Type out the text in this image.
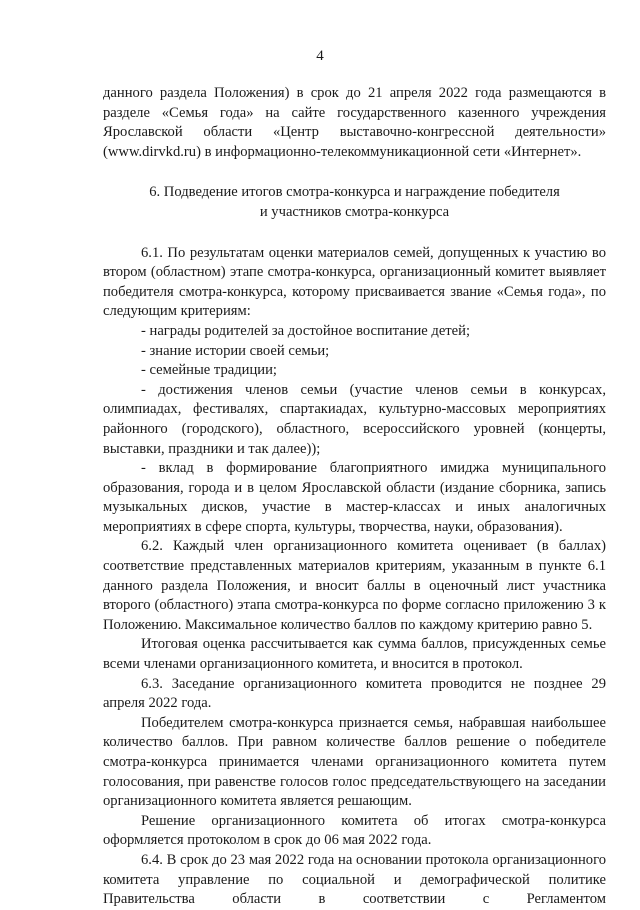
4

данного раздела Положения) в срок до 21 апреля 2022 года размещаются в разделе «Семья года» на сайте государственного казенного учреждения Ярославской области «Центр выставочно-конгрессной деятельности» (www.dirvkd.ru) в информационно-телекоммуникационной сети «Интернет».

6. Подведение итогов смотра-конкурса и награждение победителя
и участников смотра-конкурса

6.1. По результатам оценки материалов семей, допущенных к участию во втором (областном) этапе смотра-конкурса, организационный комитет выявляет победителя смотра-конкурса, которому присваивается звание «Семья года», по следующим критериям:

- награды родителей за достойное воспитание детей;

- знание истории своей семьи;

- семейные традиции;

- достижения членов семьи (участие членов семьи в конкурсах, олимпиадах, фестивалях, спартакиадах, культурно-массовых мероприятиях районного (городского), областного, всероссийского уровней (концерты, выставки, праздники и так далее));

- вклад в формирование благоприятного имиджа муниципального образования, города и в целом Ярославской области (издание сборника, запись музыкальных дисков, участие в мастер-классах и иных аналогичных мероприятиях в сфере спорта, культуры, творчества, науки, образования).

6.2. Каждый член организационного комитета оценивает (в баллах) соответствие представленных материалов критериям, указанным в пункте 6.1 данного раздела Положения, и вносит баллы в оценочный лист участника второго (областного) этапа смотра-конкурса по форме согласно приложению 3 к Положению. Максимальное количество баллов по каждому критерию равно 5.

Итоговая оценка рассчитывается как сумма баллов, присужденных семье всеми членами организационного комитета, и вносится в протокол.

6.3. Заседание организационного комитета проводится не позднее 29 апреля 2022 года.

Победителем смотра-конкурса признается семья, набравшая наибольшее количество баллов. При равном количестве баллов решение о победителе смотра-конкурса принимается членами организационного комитета путем голосования, при равенстве голосов голос председательствующего на заседании организационного комитета является решающим.

Решение организационного комитета об итогах смотра-конкурса оформляется протоколом в срок до 06 мая 2022 года.

6.4. В срок до 23 мая 2022 года на основании протокола организационного комитета управление по социальной и демографической политике Правительства области в соответствии с Регламентом
